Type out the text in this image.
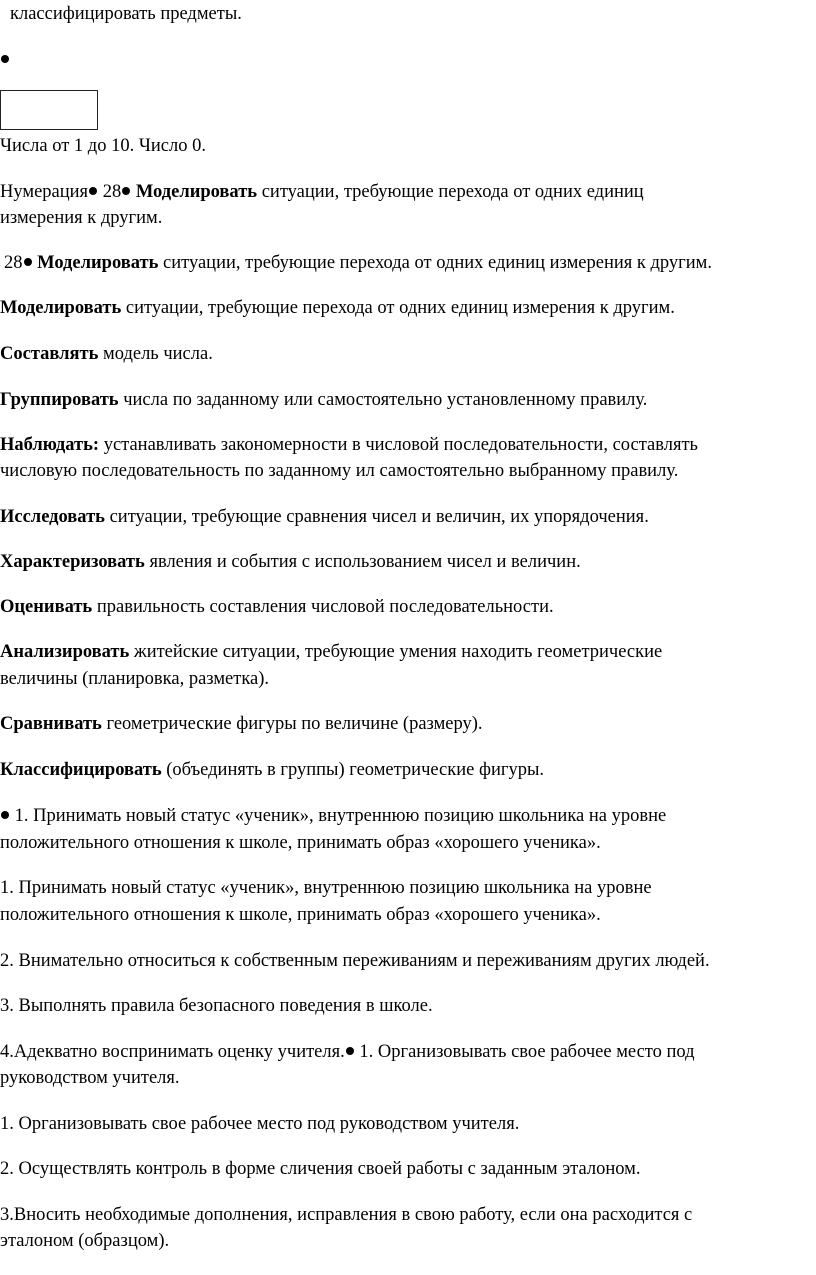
классифицировать предметы.
Числа от 1 до 10. Число 0.
Нумерация 28 Моделировать ситуации, требующие перехода от одних единиц
измерения к другим.
28 Моделировать ситуации, требующие перехода от одних единиц измерения к другим.
Моделировать ситуации, требующие перехода от одних единиц измерения к другим.
Составлять модель числа.
Группировать числа по заданному или самостоятельно установленному правилу.
Наблюдать: устанавливать закономерности в числовой последовательности, составлять
числовую последовательность по заданному ил самостоятельно выбранному правилу.
Исследовать ситуации, требующие сравнения чисел и величин, их упорядочения.
Характеризовать явления и события с использованием чисел и величин.
Оценивать правильность составления числовой последовательности.
Анализировать житейские ситуации, требующие умения находить геометрические
величины (планировка, разметка).
Сравнивать геометрические фигуры по величине (размеру).
Классифицировать (объединять в группы) геометрические фигуры.
1. Принимать новый статус «ученик», внутреннюю позицию школьника на уровне
положительного отношения к школе, принимать образ «хорошего ученика».
1. Принимать новый статус «ученик», внутреннюю позицию школьника на уровне
положительного отношения к школе, принимать образ «хорошего ученика».
2. Внимательно относиться к собственным переживаниям и переживаниям других людей.
3. Выполнять правила безопасного поведения в школе.
4.Адекватно воспринимать оценку учителя. 1. Организовывать свое рабочее место под
руководством учителя.
1. Организовывать свое рабочее место под руководством учителя.
2. Осуществлять контроль в форме сличения своей работы с заданным эталоном.
3.Вносить необходимые дополнения, исправления в свою работу, если она расходится с
эталоном (образцом).
